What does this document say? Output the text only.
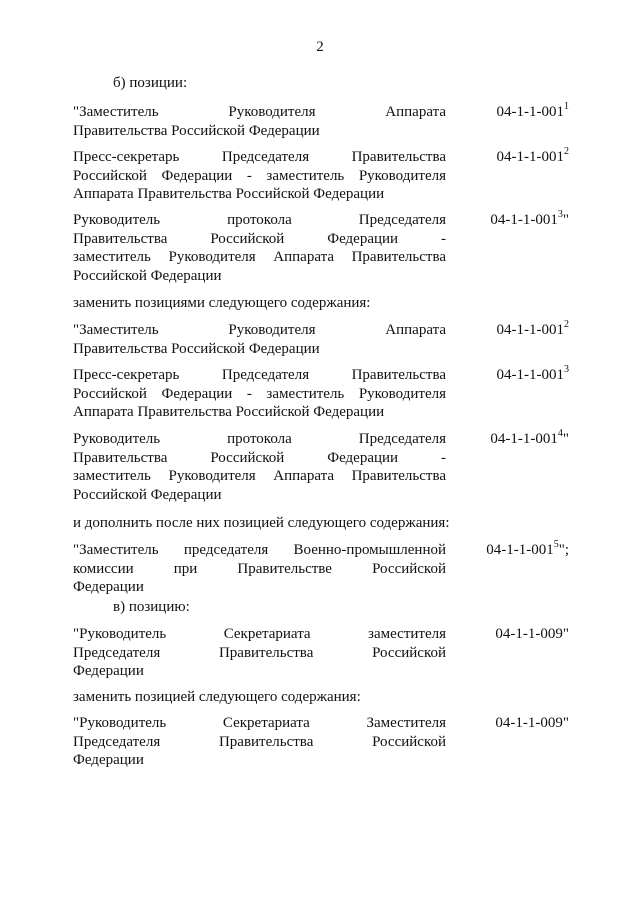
2
б) позиции:
"Заместитель Руководителя Аппарата
Правительства Российской Федерации
$04-1-1-001^1$
Пресс-секретарь Председателя Правительства
Российской Федерации - заместитель Руководителя
Аппарата Правительства Российской Федерации
$04-1-1-001^2$
Руководитель протокола Председателя
Правительства Российской Федерации -
заместитель Руководителя Аппарата Правительства
Российской Федерации
$04-1-1-001^3$"
заменить позициями следующего содержания:
"Заместитель Руководителя Аппарата
Правительства Российской Федерации
$04-1-1-001^2$
Пресс-секретарь Председателя Правительства
Российской Федерации - заместитель Руководителя
Аппарата Правительства Российской Федерации
$04-1-1-001^3$
Руководитель протокола Председателя
Правительства Российской Федерации -
заместитель Руководителя Аппарата Правительства
Российской Федерации
$04-1-1-001^4$"
и дополнить после них позицией следующего содержания:
"Заместитель председателя Военно-промышленной
комиссии при Правительстве Российской
Федерации
$04-1-1-001^5$";
в) позицию:
"Руководитель Секретариата заместителя
Председателя Правительства Российской
Федерации
04-1-1-009"
заменить позицией следующего содержания:
"Руководитель Секретариата Заместителя
Председателя Правительства Российской
Федерации
04-1-1-009"
